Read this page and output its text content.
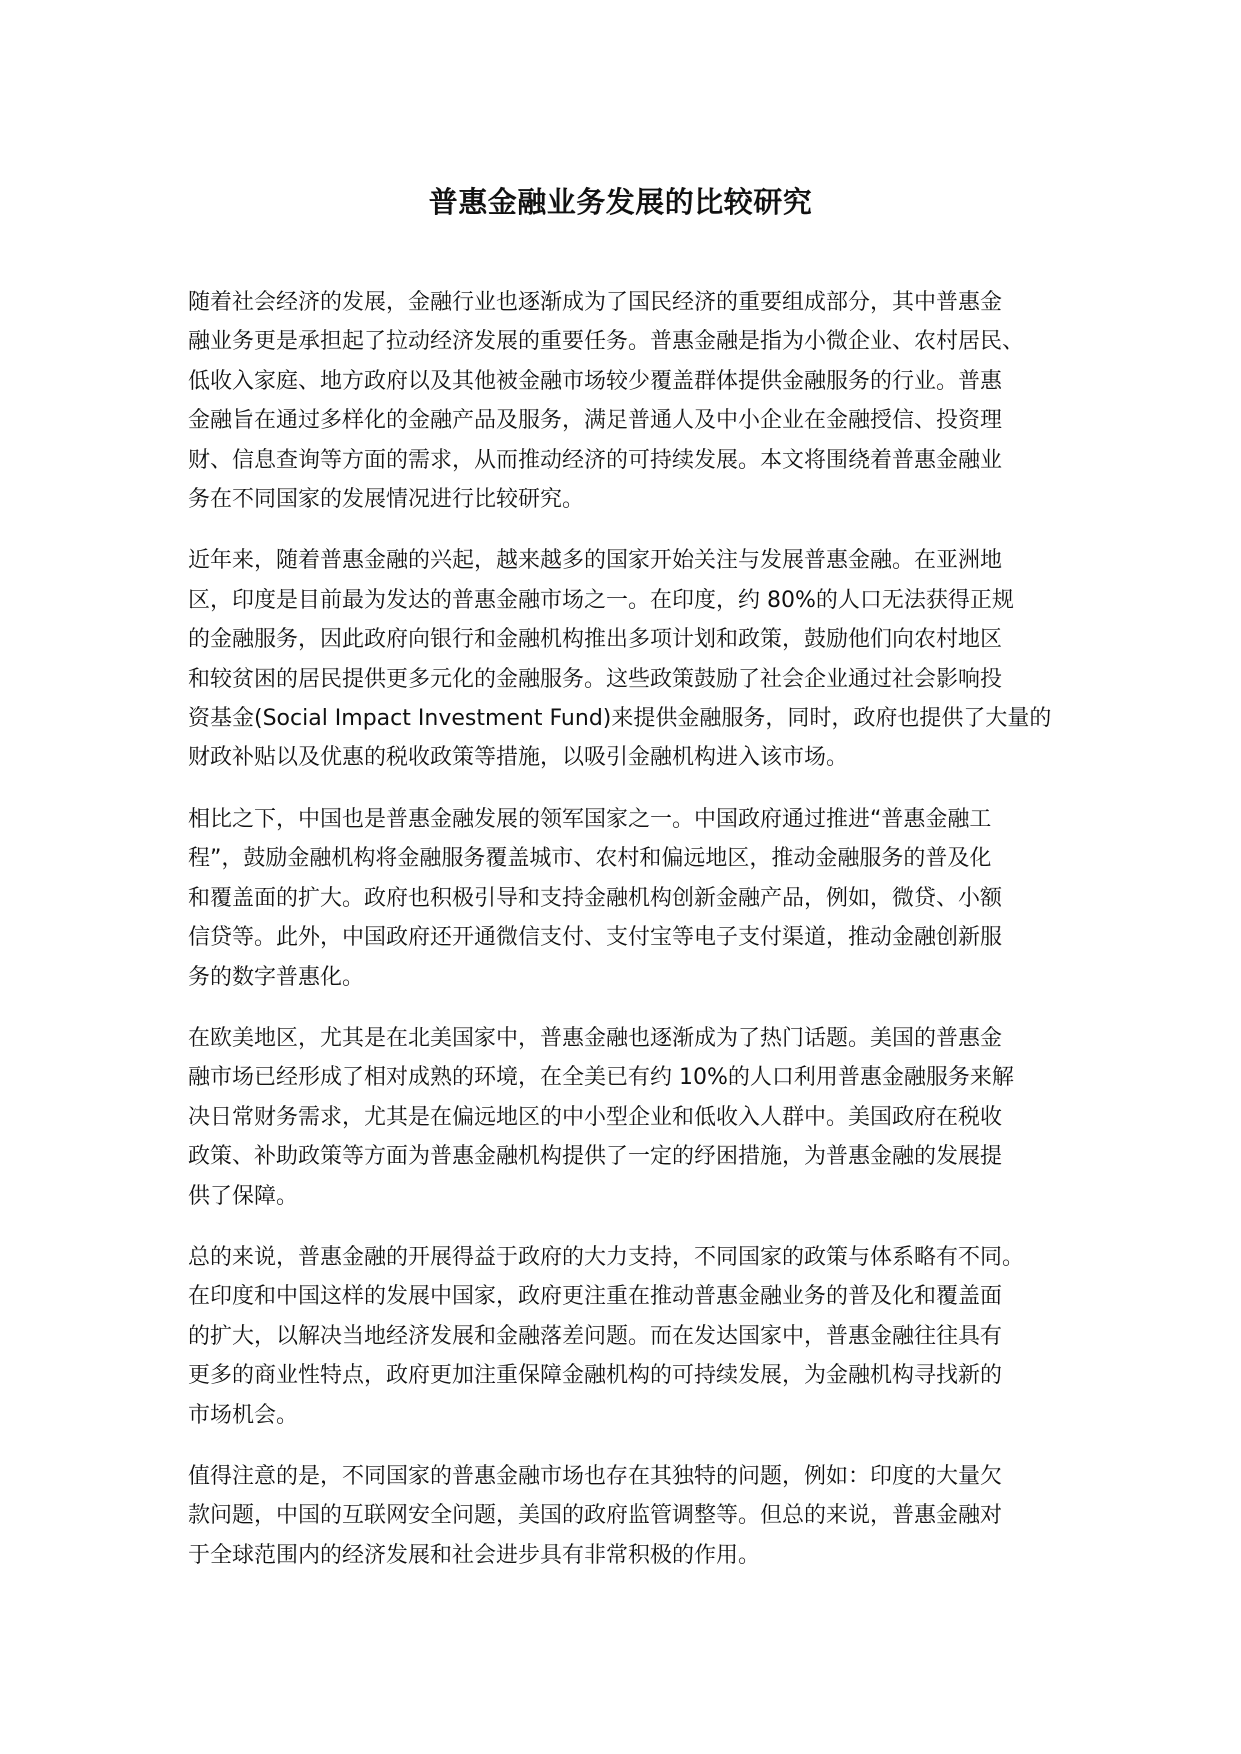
普惠金融业务发展的比较研究

随着社会经济的发展，金融行业也逐渐成为了国民经济的重要组成部分，其中普惠金
融业务更是承担起了拉动经济发展的重要任务。普惠金融是指为小微企业、农村居民、
低收入家庭、地方政府以及其他被金融市场较少覆盖群体提供金融服务的行业。普惠
金融旨在通过多样化的金融产品及服务，满足普通人及中小企业在金融授信、投资理
财、信息查询等方面的需求，从而推动经济的可持续发展。本文将围绕着普惠金融业
务在不同国家的发展情况进行比较研究。

近年来，随着普惠金融的兴起，越来越多的国家开始关注与发展普惠金融。在亚洲地
区，印度是目前最为发达的普惠金融市场之一。在印度，约 80%的人口无法获得正规
的金融服务，因此政府向银行和金融机构推出多项计划和政策，鼓励他们向农村地区
和较贫困的居民提供更多元化的金融服务。这些政策鼓励了社会企业通过社会影响投
资基金(Social Impact Investment Fund)来提供金融服务，同时，政府也提供了大量的
财政补贴以及优惠的税收政策等措施，以吸引金融机构进入该市场。

相比之下，中国也是普惠金融发展的领军国家之一。中国政府通过推进“普惠金融工
程”，鼓励金融机构将金融服务覆盖城市、农村和偏远地区，推动金融服务的普及化
和覆盖面的扩大。政府也积极引导和支持金融机构创新金融产品，例如，微贷、小额
信贷等。此外，中国政府还开通微信支付、支付宝等电子支付渠道，推动金融创新服
务的数字普惠化。

在欧美地区，尤其是在北美国家中，普惠金融也逐渐成为了热门话题。美国的普惠金
融市场已经形成了相对成熟的环境，在全美已有约 10%的人口利用普惠金融服务来解
决日常财务需求，尤其是在偏远地区的中小型企业和低收入人群中。美国政府在税收
政策、补助政策等方面为普惠金融机构提供了一定的纾困措施，为普惠金融的发展提
供了保障。

总的来说，普惠金融的开展得益于政府的大力支持，不同国家的政策与体系略有不同。
在印度和中国这样的发展中国家，政府更注重在推动普惠金融业务的普及化和覆盖面
的扩大，以解决当地经济发展和金融落差问题。而在发达国家中，普惠金融往往具有
更多的商业性特点，政府更加注重保障金融机构的可持续发展，为金融机构寻找新的
市场机会。

值得注意的是，不同国家的普惠金融市场也存在其独特的问题，例如：印度的大量欠
款问题，中国的互联网安全问题，美国的政府监管调整等。但总的来说，普惠金融对
于全球范围内的经济发展和社会进步具有非常积极的作用。
